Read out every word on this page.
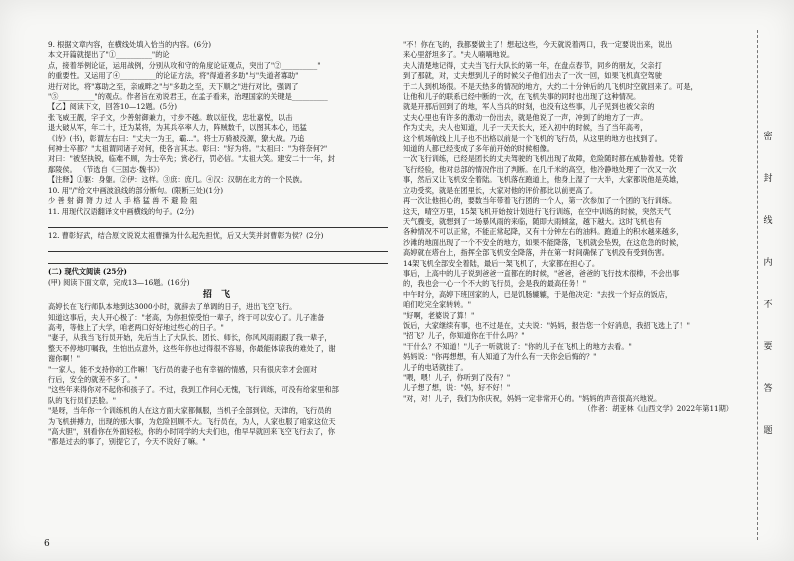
9. 根据文章内容，在横线处填入恰当的内容。(6分)
本文开篇就提出了"①__________"的论
点，接着举例论证，运用战例，分别从攻和守的角度论证观点，突出了"②__________"
的重要性。又运用了④__________的论证方法，将"得道者多助"与"失道者寡助"
进行对比，将"寡助之至，亲戚畔之"与"多助之至，天下顺之"进行对比，强调了
"⑤__________"的观点。作者旨在劝说君王，在孟子看来，治理国家的关键是__________
【乙】阅读下文，回答10—12题。(5分)
张飞威王靓，字子文，少善射御兼力，寸步不越。敢以征伐，忠壮嘉悦，以击
退大破从军，年二十，迁为某将，为其兵卒率人力，阵贼数千，以图其本心，迅猛
《诗》(书)，彰谓左右曰："丈夫一为王，霸..."。将士万骑被没源，獠大战。乃追
何神士卒都？"太祖谓同诸子对何，使各言其志。彰曰："好为将。"太祖曰："为将奈何?"
对曰："被坚执锐，临难不顾，为士卒先；赏必行，罚必信。"太祖大笑。建安二十一年，封
鄢陵侯。 （节选自《三国志·魏书》）
【注释】①躯：身躯。②伊：这样。③庶：庶几。④汉：汉朝在北方的一个民族。
10. 用"/"给文中画波浪线的部分断句。(限断三处)(1分)
少 善 射 御 膂 力 过 人 手 格 猛 兽 不 避 险 阻
11. 用现代汉语翻译文中画横线的句子。(2分)
12. 曹彰好武，结合原文说说太祖曹操为什么起先担忧，后又大笑并封曹彰为侯？(2分)
(二) 现代文阅读 (25分)
(甲) 阅读下面文章，完成13—16题。(16分)
招 飞
高婷长在飞行师队本地到达3000小时，就辞去了单调的日子，进出飞空飞行。
知道这事后，夫人开心极了："老高，为你担惊受怕一辈子，终于可以安心了。儿子准备
高考，等他上了大学，咱老两口好好地过些心的日子。"
"妻子，从我当飞行员开始，先后当上了大队长、团长、师长，你风风雨雨跟了我一辈子，
整天不停地叮嘱我，生怕出点意外，这些年你也过得很不容易，你最能体谅我的难处了，谢
谢你啊！"
"一家人，能不支持你的工作嘛！飞行员的妻子也有幸福的情感，只有很庆幸才会面对
行后，安全的就差不多了。"
"这些年来得你对不起你和孩子了。不过，我到工作问心无愧，飞行训练，可没有给家里和部
队的飞行员们丢脸。"
"是呀，当年你一个训练机的人在这方面大家都佩服，当机子全部到位，天津的，飞行员的
为飞机拼搏力，出现的那大事，为危险回顾不大。飞行员在，为人，人家也服了咱家这位天
"高大胆"，别看你在外面轻松，你的小时同学的大夫们也，他早早就回来飞空飞行去了，你
"都是过去的事了，别提它了，今天不说好了嘛。"
"不！你在飞的，我都要做主了！想起这些，今天就说着两口，我一定要说出来，说出
来心里舒坦多了。"夫人喃喃地说。
夫人清楚地记得，丈夫当飞行大队长的第一年，在盘点春节，同乡的朋友，父亲打
到了那就，对，丈夫想到儿子的时候父子他们出去了一次一回，如果飞机真空驾驶
于二人到机场很。不是天热多的情况的地方，大约二十分钟后的几飞机时空就回来了。可是，
让他和儿子的联系已经中断的一次，在飞机失事的同时也出现了这种情况。
就是开那后回到了的地，军人当兵的时刻，也没有这些事，儿子见到也被父亲的
丈夫心里也有许多的激动一份出去，就是他说了一声，冲到了的地方了一声。
作为丈夫，夫人也知道，儿子一天天长大，还入初中的时候，当了当年高考，
这个机场航线上儿子也不出格以前是一个飞机的飞行员，从这里的地方也找到了。
知道的人都已经变成了多年前开始的时候相像。
一次飞行训练，已经是团长的丈夫驾驶的飞机出现了故障，危险随时都在威胁着他。凭着
飞行经验，他对总部的情况作出了判断。在几千米的高空，他冷静地处理了一次又一次
事，然后又让飞机安全着陆。飞机落在跑道上，他身上湿了一大半，大家都说他是英雄，
立功受奖，就是在团里长，大家对他的评价都比以前更高了。
再一次让他担心的，要数当年带着飞行团的一个人，第一次参加了一个团的飞行训练。
这天，晴空万里，15架飞机开始按计划进行飞行训练，在空中训练的时候，突然天气
天气骤变，就想到了一场暴风雨的来临，随即大雨倾盆，越下越大。这时飞机也有
各种情况不可以正常，不能正常起降，又有十分钟左右的油料。跑道上的积水越来越多，
沙滩的地面出现了一个不安全的地方，如果不能降落，飞机就会坠毁，在这危急的时候，
高婷就在塔台上，指挥全部飞机安全降落，并在第一时间确保了飞机没有受到伤害。
14架飞机全部安全着陆，最后一架飞机了，大家都在担心了。
事后，上高中的儿子说到爸爸一直都在的时候，"爸爸，爸爸的飞行技术很棒，不会出事
的，我也会一心一个不大的飞行员，会是我的最高任务！"
中午时分，高婷下班回家的人，已是饥肠辘辘，于是他决定："去找一个好点的饭店，
咱们吃完全家转转。"
"好啊，老婆说了算！"
饭后，大家继续有事，也不过是在，丈夫说："妈妈，报告您一个好消息，我招飞选上了！"
"招飞？儿子，你知道你在干什么吗？"
"干什么？不知道！"儿子一听就说了："你的儿子在飞机上的地方去看。"
妈妈说："你再想想，有人知道了为什么有一天你会后悔的？"
儿子的电话就挂了。
"喂，喂！儿子，你听到了没有？"
儿子想了想，说："妈，好不好！"
"对，对！儿子，我们为你庆祝，妈妈一定非常开心的。"妈妈的声音很高兴地说。
（作者：胡亚林《山西文学》2022年第11期）
密
封
线
内
不
要
答
题
6
